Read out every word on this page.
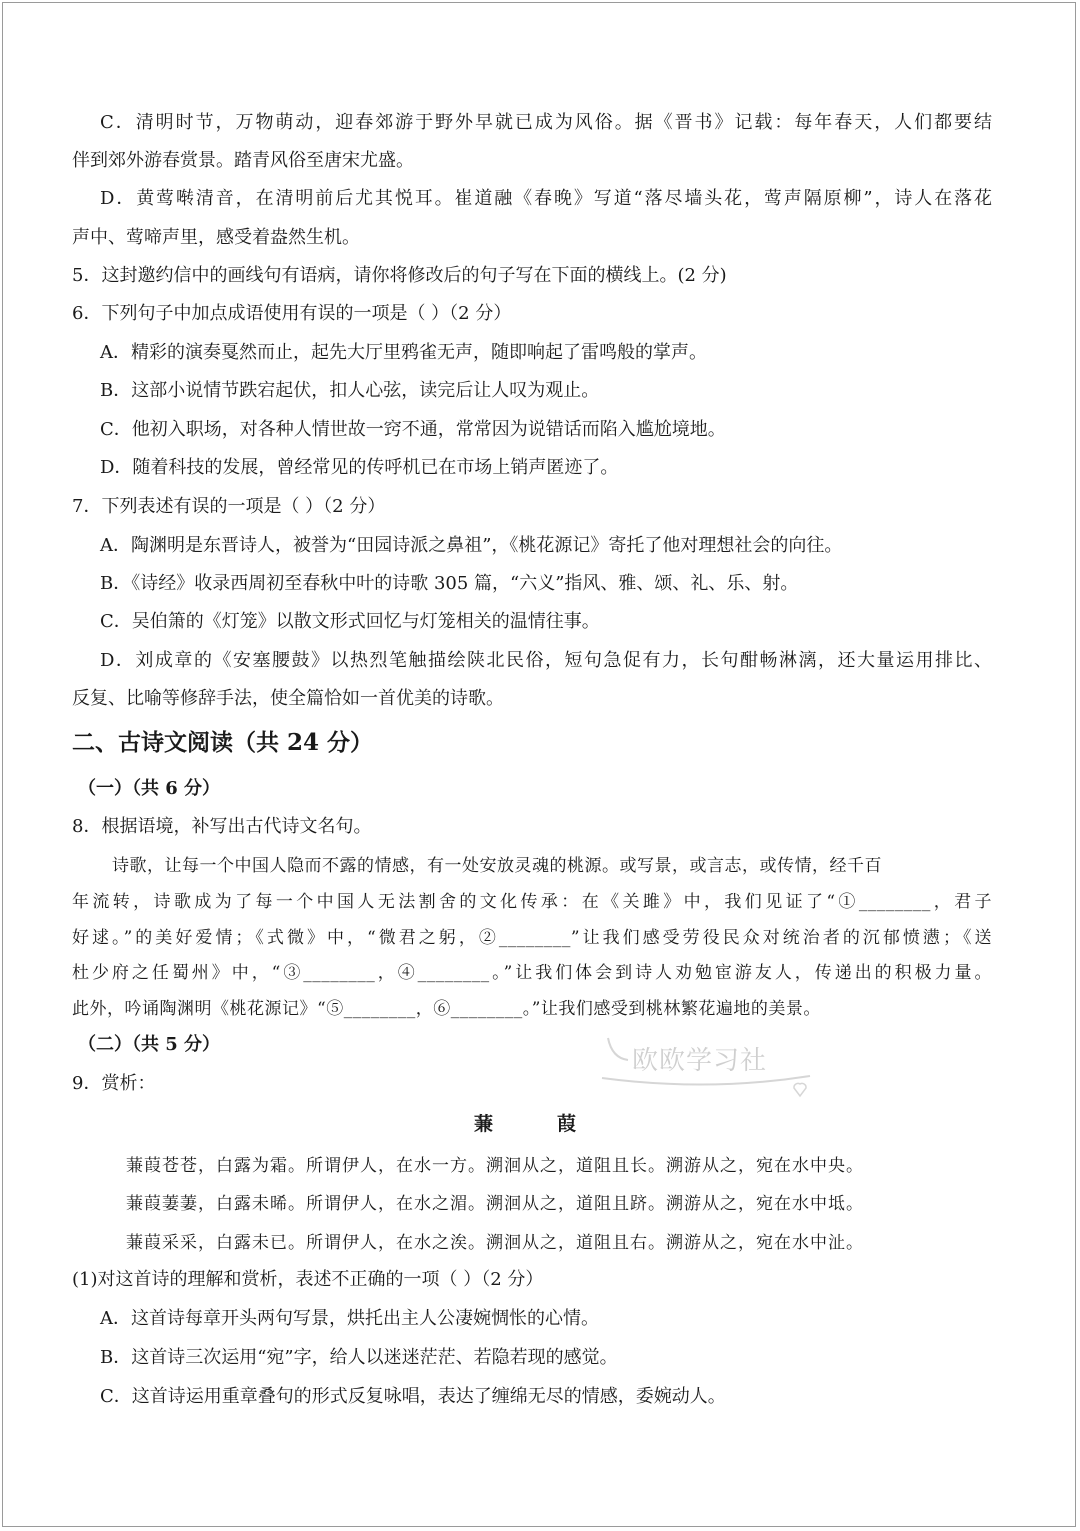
C．清明时节，万物萌动，迎春郊游于野外早就已成为风俗。据《晋书》记载：每年春天，人们都要结
伴到郊外游春赏景。踏青风俗至唐宋尤盛。
D．黄莺啭清音，在清明前后尤其悦耳。崔道融《春晚》写道“落尽墙头花，莺声隔原柳”，诗人在落花
声中、莺啼声里，感受着盎然生机。
5．这封邀约信中的画线句有语病，请你将修改后的句子写在下面的横线上。(2 分)
6．下列句子中加点成语使用有误的一项是（ ）（2 分）
A．精彩的演奏戛然而止，起先大厅里鸦雀无声，随即响起了雷鸣般的掌声。
B．这部小说情节跌宕起伏，扣人心弦，读完后让人叹为观止。
C．他初入职场，对各种人情世故一窍不通，常常因为说错话而陷入尴尬境地。
D．随着科技的发展，曾经常见的传呼机已在市场上销声匿迹了。
7．下列表述有误的一项是（ ）（2 分）
A．陶渊明是东晋诗人，被誉为“田园诗派之鼻祖”，《桃花源记》寄托了他对理想社会的向往。
B．《诗经》收录西周初至春秋中叶的诗歌 305 篇，“六义”指风、雅、颂、礼、乐、射。
C．吴伯箫的《灯笼》以散文形式回忆与灯笼相关的温情往事。
D．刘成章的《安塞腰鼓》以热烈笔触描绘陕北民俗，短句急促有力，长句酣畅淋漓，还大量运用排比、
反复、比喻等修辞手法，使全篇恰如一首优美的诗歌。
二、古诗文阅读（共 24 分）
（一）（共 6 分）
8．根据语境，补写出古代诗文名句。
诗歌，让每一个中国人隐而不露的情感，有一处安放灵魂的桃源。或写景，或言志，或传情，经千百
年流转，诗歌成为了每一个中国人无法割舍的文化传承：在《关雎》中，我们见证了“①________，君子
好逑。”的美好爱情；《式微》中，“微君之躬，②________”让我们感受劳役民众对统治者的沉郁愤懑；《送
杜少府之任蜀州》中，“③________，④________。”让我们体会到诗人劝勉宦游友人，传递出的积极力量。
此外，吟诵陶渊明《桃花源记》“⑤________，⑥________。”让我们感受到桃林繁花遍地的美景。
（二）（共 5 分）
欧欧学习社
9．赏析：
蒹葭
蒹葭苍苍，白露为霜。所谓伊人，在水一方。溯洄从之，道阻且长。溯游从之，宛在水中央。
蒹葭萋萋，白露未晞。所谓伊人，在水之湄。溯洄从之，道阻且跻。溯游从之，宛在水中坻。
蒹葭采采，白露未已。所谓伊人，在水之涘。溯洄从之，道阻且右。溯游从之，宛在水中沚。
(1)对这首诗的理解和赏析，表述不正确的一项（ ）（2 分）
A．这首诗每章开头两句写景，烘托出主人公凄婉惆怅的心情。
B．这首诗三次运用“宛”字，给人以迷迷茫茫、若隐若现的感觉。
C．这首诗运用重章叠句的形式反复咏唱，表达了缠绵无尽的情感，委婉动人。
